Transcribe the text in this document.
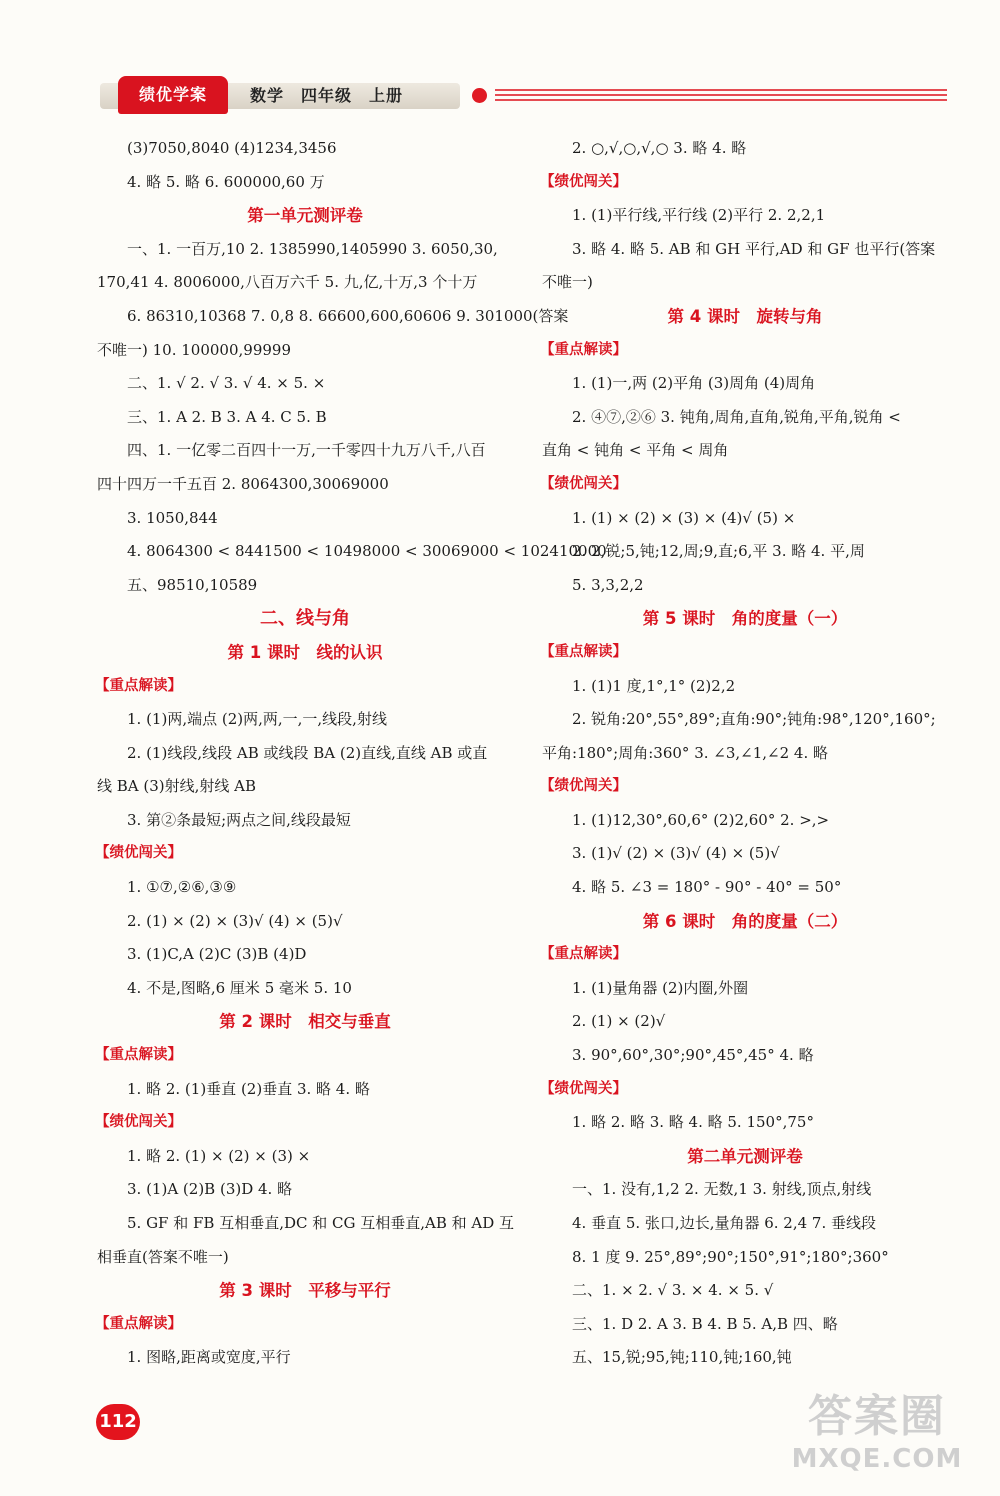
绩优学案	数学　四年级　上册
(3)7050,8040 (4)1234,3456
4. 略 5. 略 6. 600000,60 万
第一单元测评卷
一、1. 一百万,10 2. 1385990,1405990 3. 6050,30,
170,41 4. 8006000,八百万六千 5. 九,亿,十万,3 个十万
6. 86310,10368 7. 0,8 8. 66600,600,60606 9. 301000(答案
不唯一) 10. 100000,99999
二、1. √ 2. √ 3. √ 4. × 5. ×
三、1. A 2. B 3. A 4. C 5. B
四、1. 一亿零二百四十一万,一千零四十九万八千,八百
四十四万一千五百 2. 8064300,30069000
3. 1050,844
4. 8064300 < 8441500 < 10498000 < 30069000 < 102410000
五、98510,10589
二、线与角
第 1 课时　线的认识
【重点解读】
1. (1)两,端点 (2)两,两,一,一,线段,射线
2. (1)线段,线段 AB 或线段 BA (2)直线,直线 AB 或直
线 BA (3)射线,射线 AB
3. 第②条最短;两点之间,线段最短
【绩优闯关】
1. ①⑦,②⑥,③⑨
2. (1) × (2) × (3)√ (4) × (5)√
3. (1)C,A (2)C (3)B (4)D
4. 不是,图略,6 厘米 5 毫米 5. 10
第 2 课时　相交与垂直
【重点解读】
1. 略 2. (1)垂直 (2)垂直 3. 略 4. 略
【绩优闯关】
1. 略 2. (1) × (2) × (3) ×
3. (1)A (2)B (3)D 4. 略
5. GF 和 FB 互相垂直,DC 和 CG 互相垂直,AB 和 AD 互
相垂直(答案不唯一)
第 3 课时　平移与平行
【重点解读】
1. 图略,距离或宽度,平行
2. ○,√,○,√,○ 3. 略 4. 略
【绩优闯关】
1. (1)平行线,平行线 (2)平行 2. 2,2,1
3. 略 4. 略 5. AB 和 GH 平行,AD 和 GF 也平行(答案
不唯一)
第 4 课时　旋转与角
【重点解读】
1. (1)一,两 (2)平角 (3)周角 (4)周角
2. ④⑦,②⑥ 3. 钝角,周角,直角,锐角,平角,锐角 <
直角 < 钝角 < 平角 < 周角
【绩优闯关】
1. (1) × (2) × (3) × (4)√ (5) ×
2. 2,锐;5,钝;12,周;9,直;6,平 3. 略 4. 平,周
5. 3,3,2,2
第 5 课时　角的度量（一）
【重点解读】
1. (1)1 度,1°,1° (2)2,2
2. 锐角:20°,55°,89°;直角:90°;钝角:98°,120°,160°;
平角:180°;周角:360° 3. ∠3,∠1,∠2 4. 略
【绩优闯关】
1. (1)12,30°,60,6° (2)2,60° 2. >,>
3. (1)√ (2) × (3)√ (4) × (5)√
4. 略 5. ∠3 = 180° - 90° - 40° = 50°
第 6 课时　角的度量（二）
【重点解读】
1. (1)量角器 (2)内圈,外圈
2. (1) × (2)√
3. 90°,60°,30°;90°,45°,45° 4. 略
【绩优闯关】
1. 略 2. 略 3. 略 4. 略 5. 150°,75°
第二单元测评卷
一、1. 没有,1,2 2. 无数,1 3. 射线,顶点,射线
4. 垂直 5. 张口,边长,量角器 6. 2,4 7. 垂线段
8. 1 度 9. 25°,89°;90°;150°,91°;180°;360°
二、1. × 2. √ 3. × 4. × 5. √
三、1. D 2. A 3. B 4. B 5. A,B 四、略
五、15,锐;95,钝;110,钝;160,钝
112	答案圈
MXQE.COM
